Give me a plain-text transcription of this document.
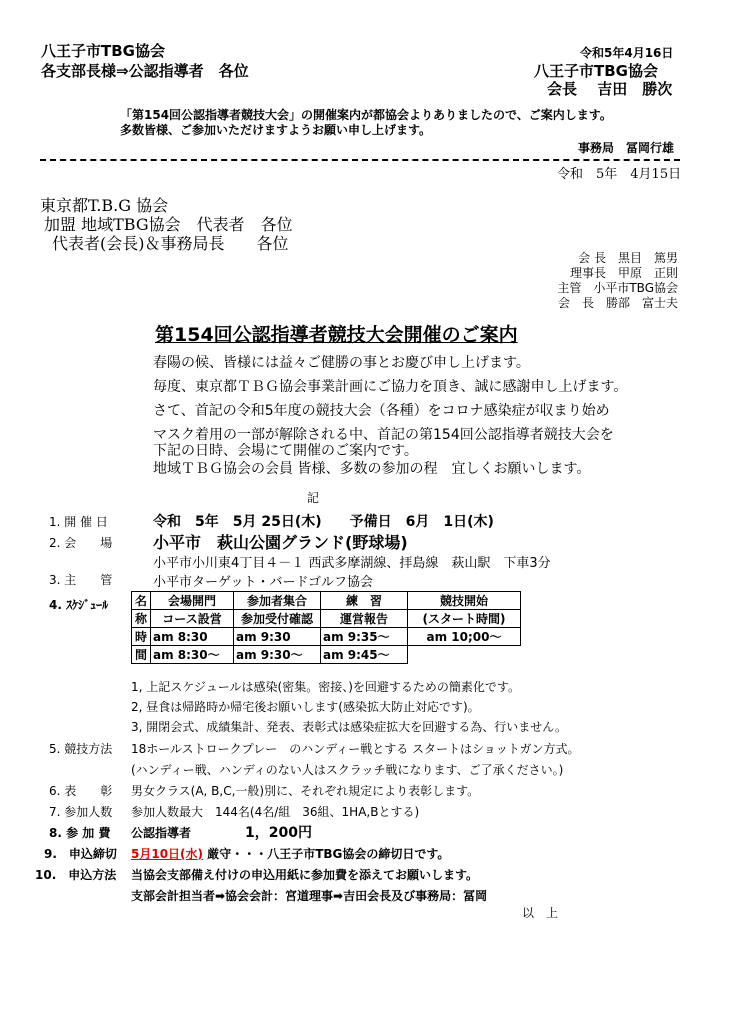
八王子市TBG協会
各支部長様⇒公認指導者　各位
令和5年4月16日
八王子市TBG協会
会長　 吉田　勝次
「第154回公認指導者競技大会」の開催案内が都協会よりありましたので、ご案内します。
多数皆様、ご参加いただけますようお願い申し上げます。
事務局　冨岡行雄
令和　5年　4月15日
東京都T.B.G 協会
加盟 地域TBG協会　代表者　各位
代表者(会長)＆事務局長　　各位
会 長　黒目　篤男
理事長　甲原　正則
主管　小平市TBG協会
会　長　勝部　富士夫
第154回公認指導者競技大会開催のご案内
春陽の候、皆様には益々ご健勝の事とお慶び申し上げます。
毎度、東京都ＴＢＧ協会事業計画にご協力を頂き、誠に感謝申し上げます。
さて、首記の令和5年度の競技大会（各種）をコロナ感染症が収まり始め
マスク着用の一部が解除される中、首記の第154回公認指導者競技大会を
下記の日時、会場にて開催のご案内です。
地域ＴＢＧ協会の会員 皆様、多数の参加の程　宜しくお願いします。
記
1. 開 催 日	令和　5年　5月 25日(木)　　予備日　6月　1日(木)
2. 会　　場	小平市　萩山公園グランド(野球場)
小平市小川東4丁目４－１ 西武多摩湖線、拝島線　萩山駅　下車3分
3. 主　　管	小平市ターゲット・バードゴルフ協会
4. ｽｹｼﾞｭｰﾙ 名	会場開門	参加者集合	練　習	競技開始
称	コース設営	参加受付確認	運営報告	(スタート時間)
時	am 8:30	am 9:30	am 9:35～	am 10;00～
間	am 8:30～	am 9:30～	am 9:45～	
1, 上記スケジュールは感染(密集。密接、)を回避するための簡素化です。
2, 昼食は帰路時か帰宅後お願いします(感染拡大防止対応です)。
3, 開閉会式、成績集計、発表、表彰式は感染症拡大を回避する為、行いません。
5. 競技方法 18ホールストロークプレー　のハンディー戦とする スタートはショットガン方式。
(ハンディー戦、ハンディのない人はスクラッチ戦になります、ご了承ください。)
6. 表　　彰 男女クラス(A, B,C,一般)別に、それぞれ規定により表彰します。
7. 参加人数 参加人数最大　144名(4名/組　36組、1HA,Bとする)
8. 参 加 費 公認指導者	1，200円
9.　申込締切 5月10日(水) 厳守・・・八王子市TBG協会の締切日です。
10.　申込方法 当協会支部備え付けの申込用紙に参加費を添えてお願いします。
支部会計担当者➡協会会計：宮道理事➡吉田会長及び事務局：冨岡
以　上
